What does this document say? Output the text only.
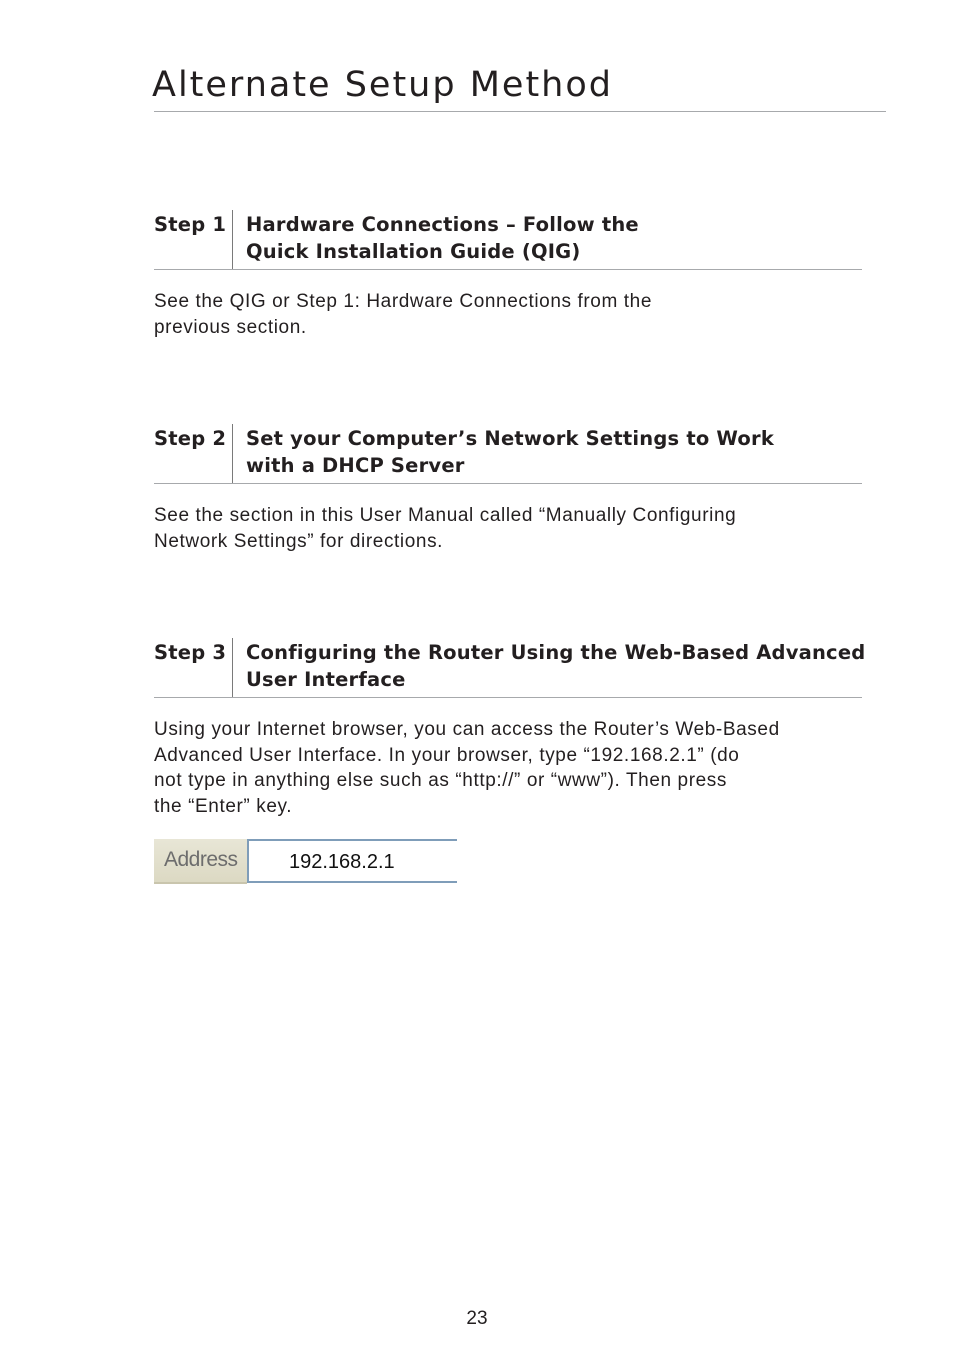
Alternate Setup Method
Step 1 Hardware Connections – Follow the
Quick Installation Guide (QIG)
See the QIG or Step 1: Hardware Connections from the
previous section.
Step 2 Set your Computer’s Network Settings to Work
with a DHCP Server
See the section in this User Manual called “Manually Configuring
Network Settings” for directions.
Step 3 Configuring the Router Using the Web-Based Advanced
User Interface
Using your Internet browser, you can access the Router’s Web-Based
Advanced User Interface. In your browser, type “192.168.2.1” (do
not type in anything else such as “http://” or “www”). Then press
the “Enter” key.
Address	192.168.2.1
23
